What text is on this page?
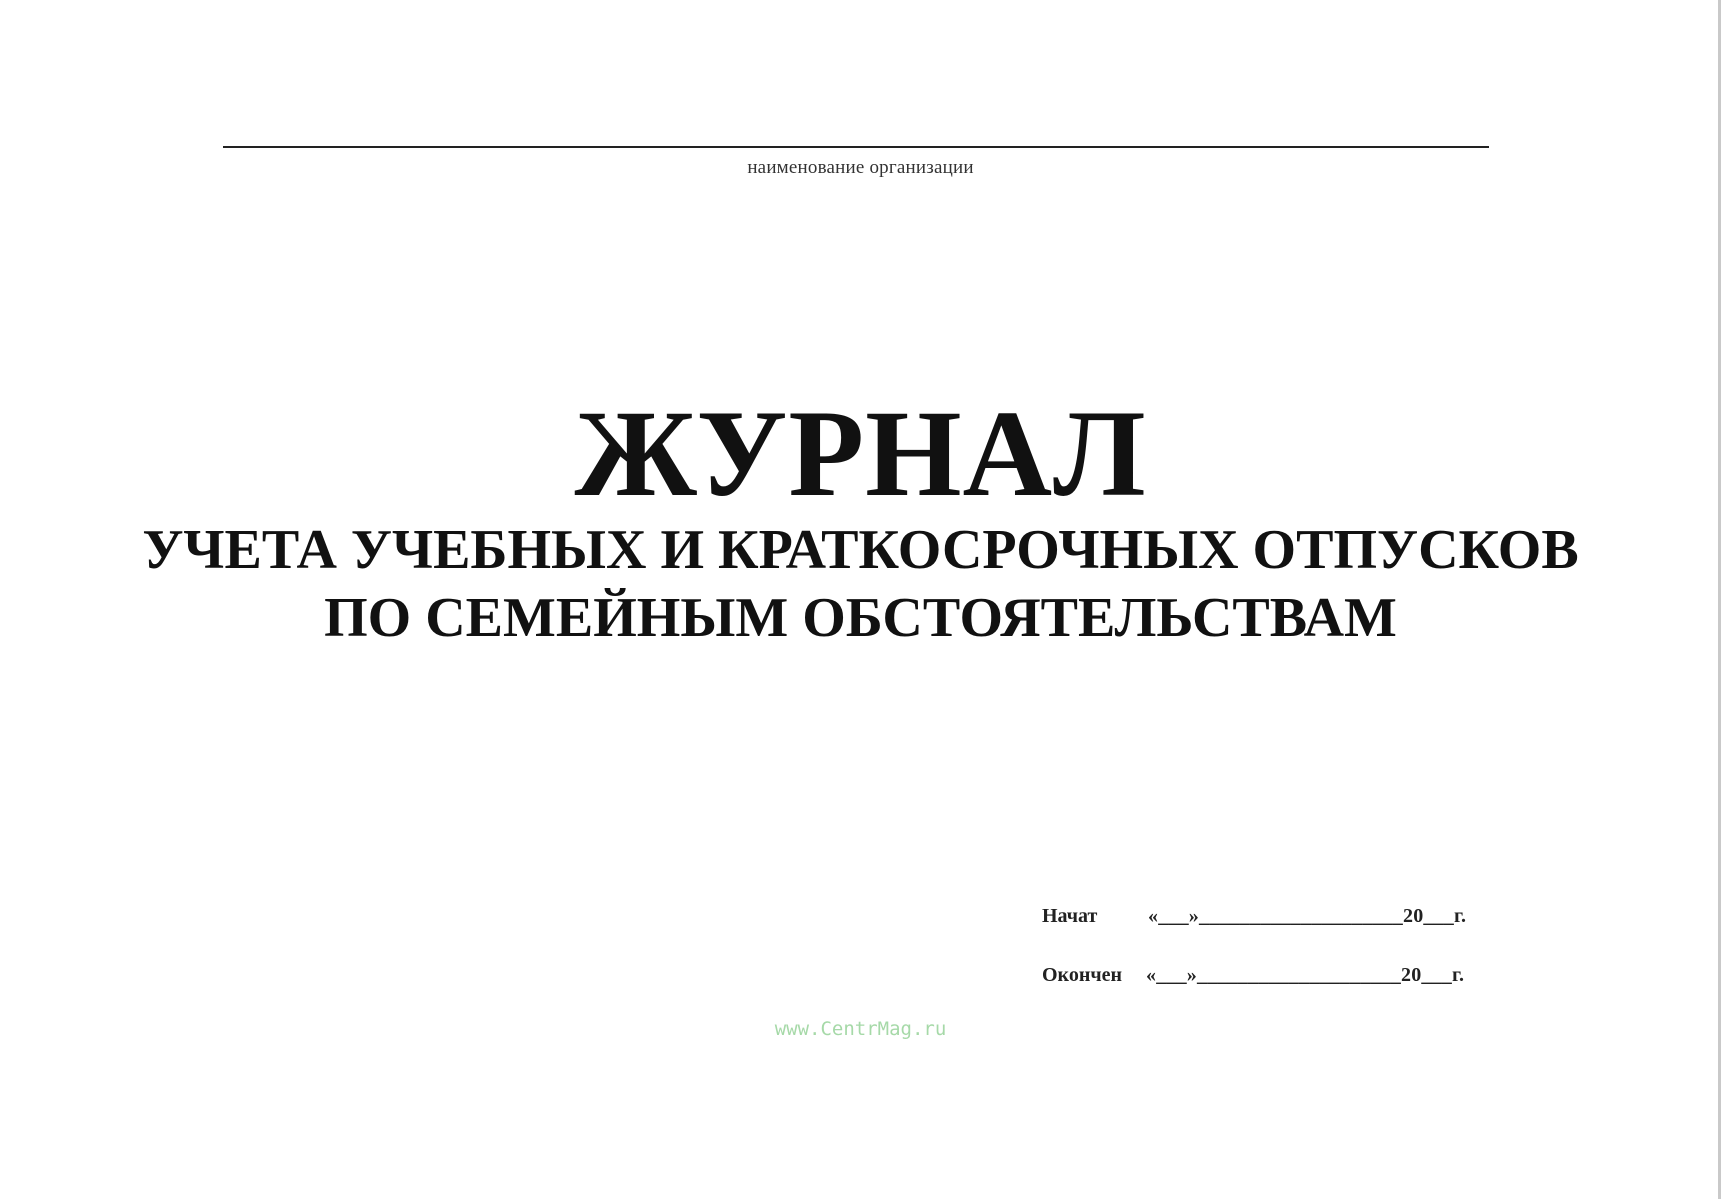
наименование организации
ЖУРНАЛ
УЧЕТА УЧЕБНЫХ И КРАТКОСРОЧНЫХ ОТПУСКОВ
ПО СЕМЕЙНЫМ ОБСТОЯТЕЛЬСТВАМ
Начат	«___»____________________20___г.
Окончен	«___»____________________20___г.
www.CentrMag.ru
